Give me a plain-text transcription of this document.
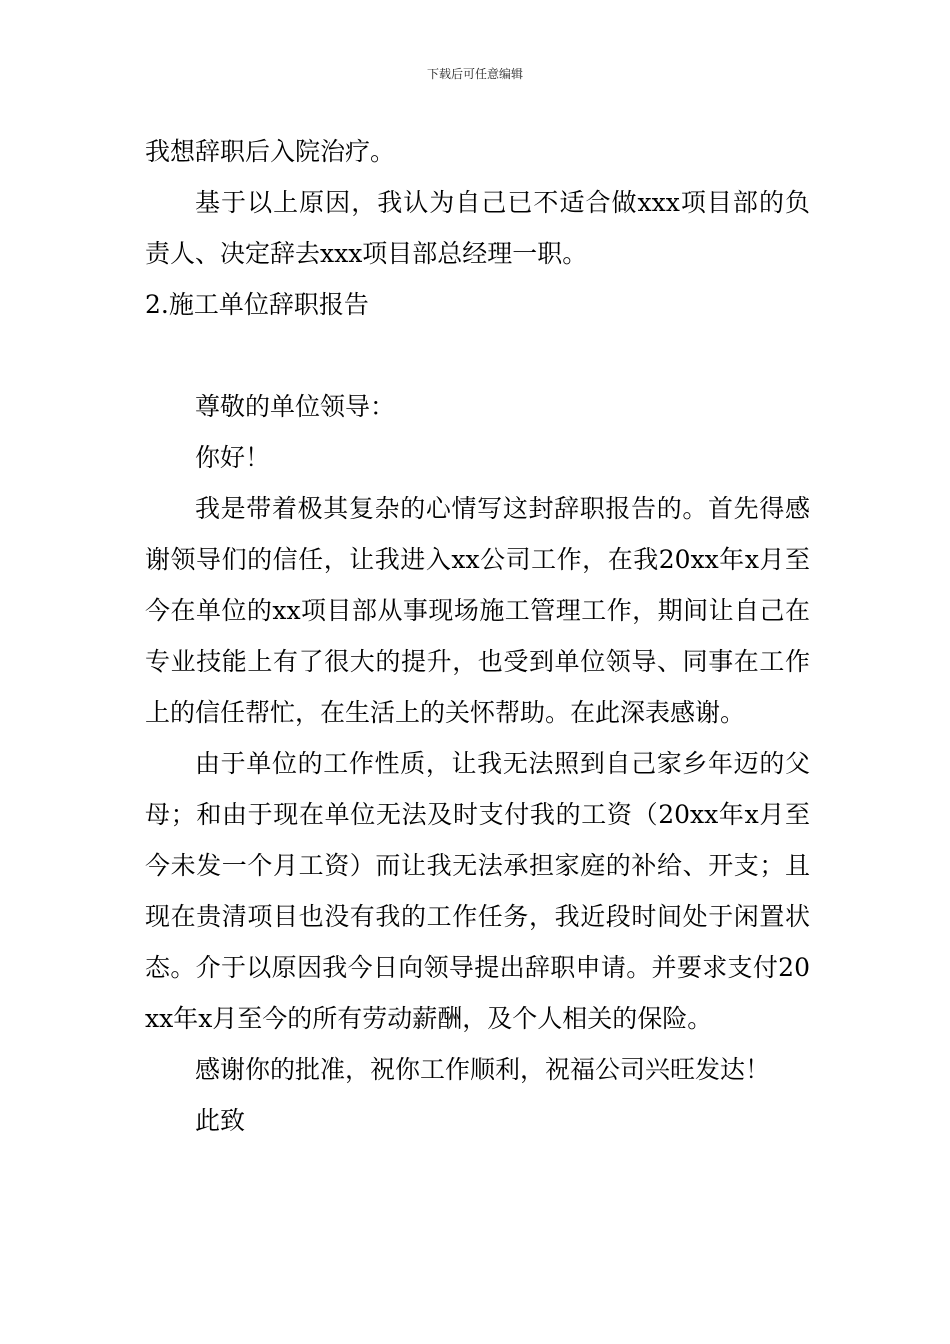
下载后可任意编辑

我想辞职后入院治疗。

基于以上原因，我认为自己已不适合做xxx项目部的负责人、决定辞去xxx项目部总经理一职。

2.施工单位辞职报告

尊敬的单位领导：

你好！

我是带着极其复杂的心情写这封辞职报告的。首先得感谢领导们的信任，让我进入xx公司工作，在我20xx年x月至今在单位的xx项目部从事现场施工管理工作，期间让自己在专业技能上有了很大的提升，也受到单位领导、同事在工作上的信任帮忙，在生活上的关怀帮助。在此深表感谢。

由于单位的工作性质，让我无法照到自己家乡年迈的父母；和由于现在单位无法及时支付我的工资（20xx年x月至今未发一个月工资）而让我无法承担家庭的补给、开支；且现在贵清项目也没有我的工作任务，我近段时间处于闲置状态。介于以原因我今日向领导提出辞职申请。并要求支付20xx年x月至今的所有劳动薪酬，及个人相关的保险。

感谢你的批准，祝你工作顺利，祝福公司兴旺发达！

此致
